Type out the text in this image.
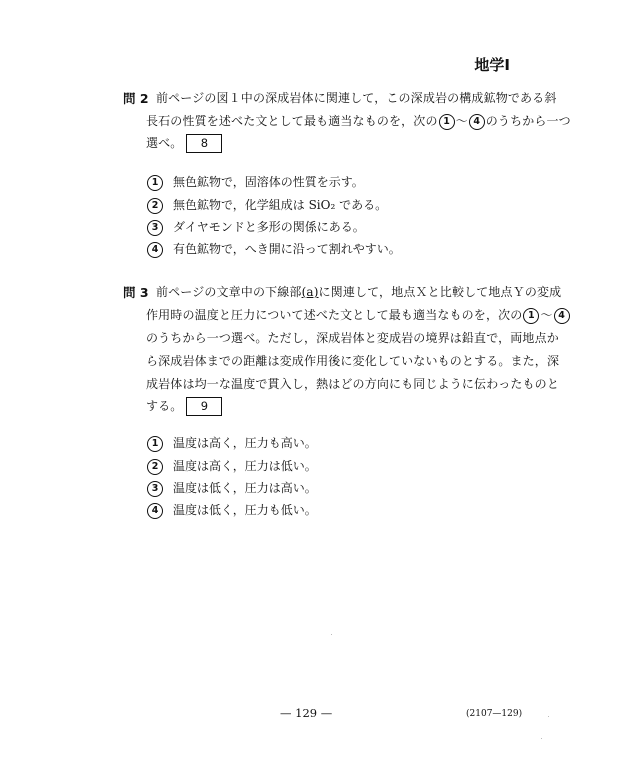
地学Ⅰ
問 2 前ページの図１中の深成岩体に関連して，この深成岩の構成鉱物である斜
長石の性質を述べた文として最も適当なものを，次の 1 〜 4 のうちから一つ
選べ。 8
1 無色鉱物で，固溶体の性質を示す。
2 無色鉱物で，化学組成は SiO₂ である。
3 ダイヤモンドと多形の関係にある。
4 有色鉱物で，へき開に沿って割れやすい。
問 3 前ページの文章中の下線部(a)に関連して，地点Ｘと比較して地点Ｙの変成
作用時の温度と圧力について述べた文として最も適当なものを，次の 1 〜 4
のうちから一つ選べ。ただし，深成岩体と変成岩の境界は鉛直で，両地点か
ら深成岩体までの距離は変成作用後に変化していないものとする。また，深
成岩体は均一な温度で貫入し，熱はどの方向にも同じように伝わったものと
する。 9
1 温度は高く，圧力も高い。
2 温度は高く，圧力は低い。
3 温度は低く，圧力は高い。
4 温度は低く，圧力も低い。
— 129 —	(2107—129)
